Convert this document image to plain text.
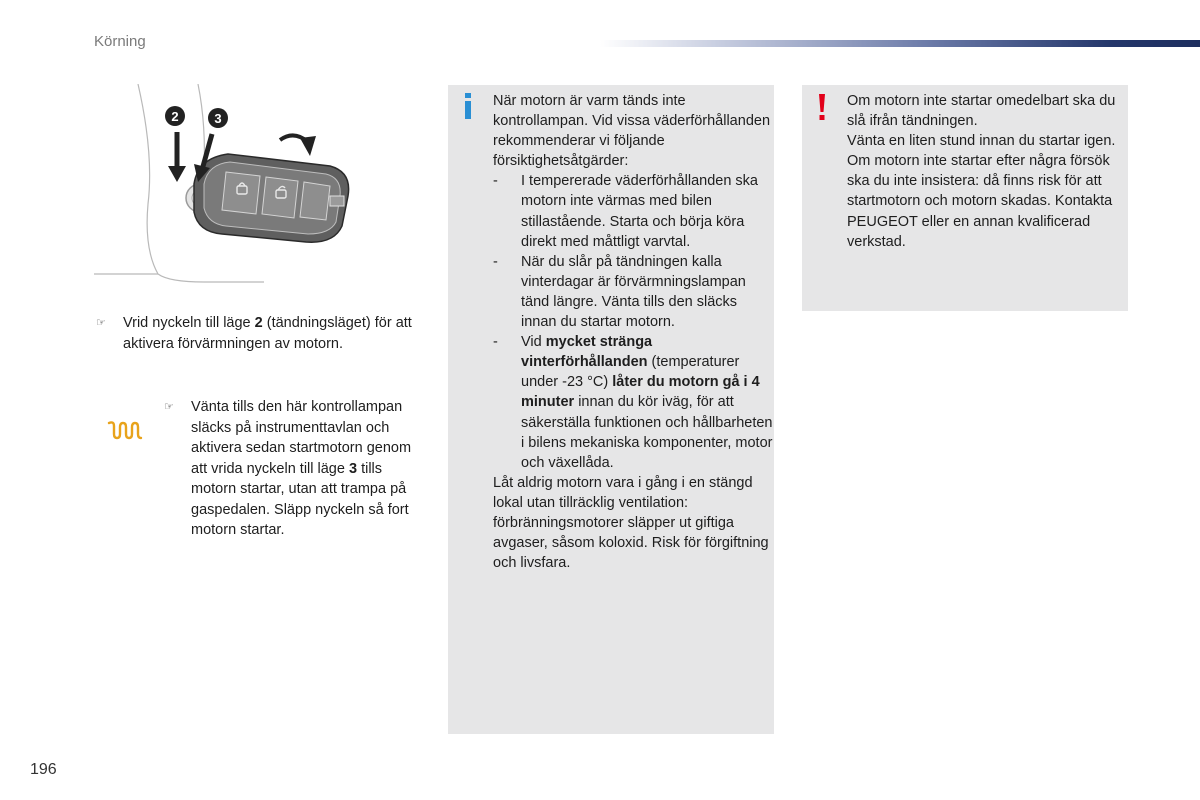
Körning
2	3
☞ Vrid nyckeln till läge 2 (tändningsläget) för att aktivera förvärmningen av motorn.
☞ Vänta tills den här kontrollampan släcks på instrumenttavlan och aktivera sedan startmotorn genom att vrida nyckeln till läge 3 tills motorn startar, utan att trampa på gaspedalen. Släpp nyckeln så fort motorn startar.

När motorn är varm tänds inte kontrollampan. Vid vissa väderförhållanden rekommenderar vi följande försiktighetsåtgärder:

- I tempererade väderförhållanden ska motorn inte värmas med bilen stillastående. Starta och börja köra direkt med måttligt varvtal.
- När du slår på tändningen kalla vinterdagar är förvärmningslampan tänd längre. Vänta tills den släcks innan du startar motorn.
- Vid mycket stränga vinterförhållanden (temperaturer under -23 °C) låter du motorn gå i 4 minuter innan du kör iväg, för att säkerställa funktionen och hållbarheten i bilens mekaniska komponenter, motor och växellåda.

Låt aldrig motorn vara i gång i en stängd lokal utan tillräcklig ventilation: förbränningsmotorer släpper ut giftiga avgaser, såsom koloxid. Risk för förgiftning och livsfara.

Om motorn inte startar omedelbart ska du slå ifrån tändningen.

Vänta en liten stund innan du startar igen. Om motorn inte startar efter några försök ska du inte insistera: då finns risk för att startmotorn och motorn skadas. Kontakta PEUGEOT eller en annan kvalificerad verkstad.

196
